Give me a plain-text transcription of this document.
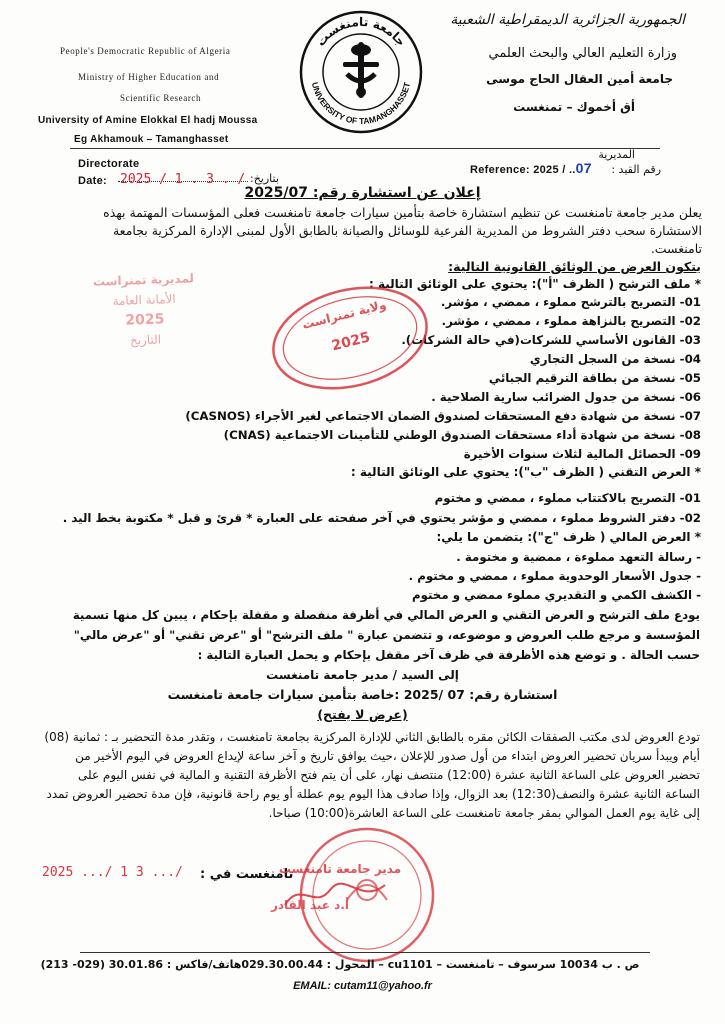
People's Democratic Republic of Algeria
Ministry of Higher Education and
Scientific Research
University of Amine Elokkal El hadj Moussa
Eg Akhamouk – Tamanghasset
الجمهورية الجزائرية الديمقراطية الشعبية
وزارة التعليم العالي والبحث العلمي
جامعة أمين العقال الحاج موسى
أق أخموك – تمنغست
جامعة تامنغست
UNIVERSITY OF TAMANGHASSET
المديرية
رقم القيد :
Directorate
Date: 2025 / 1 . 3 . / بتاريخ:
Reference: 2025 / ..07
إعلان عن استشارة رقم: 2025/07
يعلن مدير جامعة تامنغست عن تنظيم استشارة خاصة بتأمين سيارات جامعة تامنغست فعلى المؤسسات المهتمة بهذه الاستشارة سحب دفتر الشروط من المديرية الفرعية للوسائل والصيانة بالطابق الأول لمبنى الإدارة المركزية بجامعة تامنغست.
يتكون العرض من الوثائق القانونية التالية:
* ملف الترشح ( الظرف "أ"): يحتوي على الوثائق التالية :
01- التصريح بالترشح مملوء ، ممضي ، مؤشر.
02- التصريح بالنزاهة مملوء ، ممضي ، مؤشر.
03- القانون الأساسي للشركات(في حالة الشركات).
04- نسخة من السجل التجاري
05- نسخة من بطاقة الترقيم الجبائي
06- نسخة من جدول الضرائب سارية الصلاحية .
07- نسخة من شهادة دفع المستحقات لصندوق الضمان الاجتماعي لغير الأجراء (CASNOS)
08- نسخة من شهادة أداء مستحقات الصندوق الوطني للتأمينات الاجتماعية (CNAS)
09- الحصائل المالية لثلاث سنوات الأخيرة
* العرض التقني ( الظرف "ب"): يحتوي على الوثائق التالية :
01- التصريح بالاكتتاب مملوء ، ممضي و مختوم
02- دفتر الشروط مملوء ، ممضي و مؤشر يحتوي في آخر صفحته على العبارة * قرئ و قبل * مكتوبة بخط اليد .
* العرض المالي ( ظرف "ج"): يتضمن ما يلي:
- رسالة التعهد مملوءة ، ممضية و مختومة .
- جدول الأسعار الوحدوية مملوء ، ممضي و مختوم .
- الكشف الكمي و التقديري مملوء ممضي و مختوم
يودع ملف الترشح و العرض التقني و العرض المالي في أظرفة منفصلة و مقفلة بإحكام ، يبين كل منها تسمية المؤسسة و مرجع طلب العروض و موضوعه، و تتضمن عبارة " ملف الترشح" أو "عرض تقني" أو "عرض مالي" حسب الحالة . و توضع هذه الأظرفة في ظرف آخر مقفل بإحكام و يحمل العبارة التالية :
إلى السيد / مدير جامعة تامنغست
استشارة رقم: 07 /2025 :خاصة بتأمين سيارات جامعة تامنغست
(عرض لا يفتح)
تودع العروض لدى مكتب الصفقات الكائن مقره بالطابق الثاني للإدارة المركزية بجامعة تامنغست ، وتقدر مدة التحضير بـ : ثمانية (08) أيام ويبدأ سريان تحضير العروض ابتداء من أول صدور للإعلان ،حيث يوافق تاريخ و آخر ساعة لإيداع العروض في اليوم الأخير من تحضير العروض على الساعة الثانية عشرة (12:00) منتصف نهار، على أن يتم فتح الأظرفة التقنية و المالية في نفس اليوم على الساعة الثانية عشرة والنصف(12:30) بعد الزوال، وإذا صادف هذا اليوم يوم عطلة أو يوم راحة قانونية، فإن مدة تحضير العروض تمدد إلى غاية يوم العمل الموالي بمقر جامعة تامنغست على الساعة العاشرة(10:00) صباحا.
تامنغست في :
2025 .../ 1 3 .../
لمديرية تمنراست
الأمانة العامة
2025
التاريخ
ولاية تمنراست
2025
مدير جامعة تامنغست
أ.د عبد القادر
ص . ب 10034 سرسوف – تامنغست – cu1101 – المحول : 029.30.00.44هاتف/فاكس : 30.01.86 (029- 213)
EMAIL: cutam11@yahoo.fr
